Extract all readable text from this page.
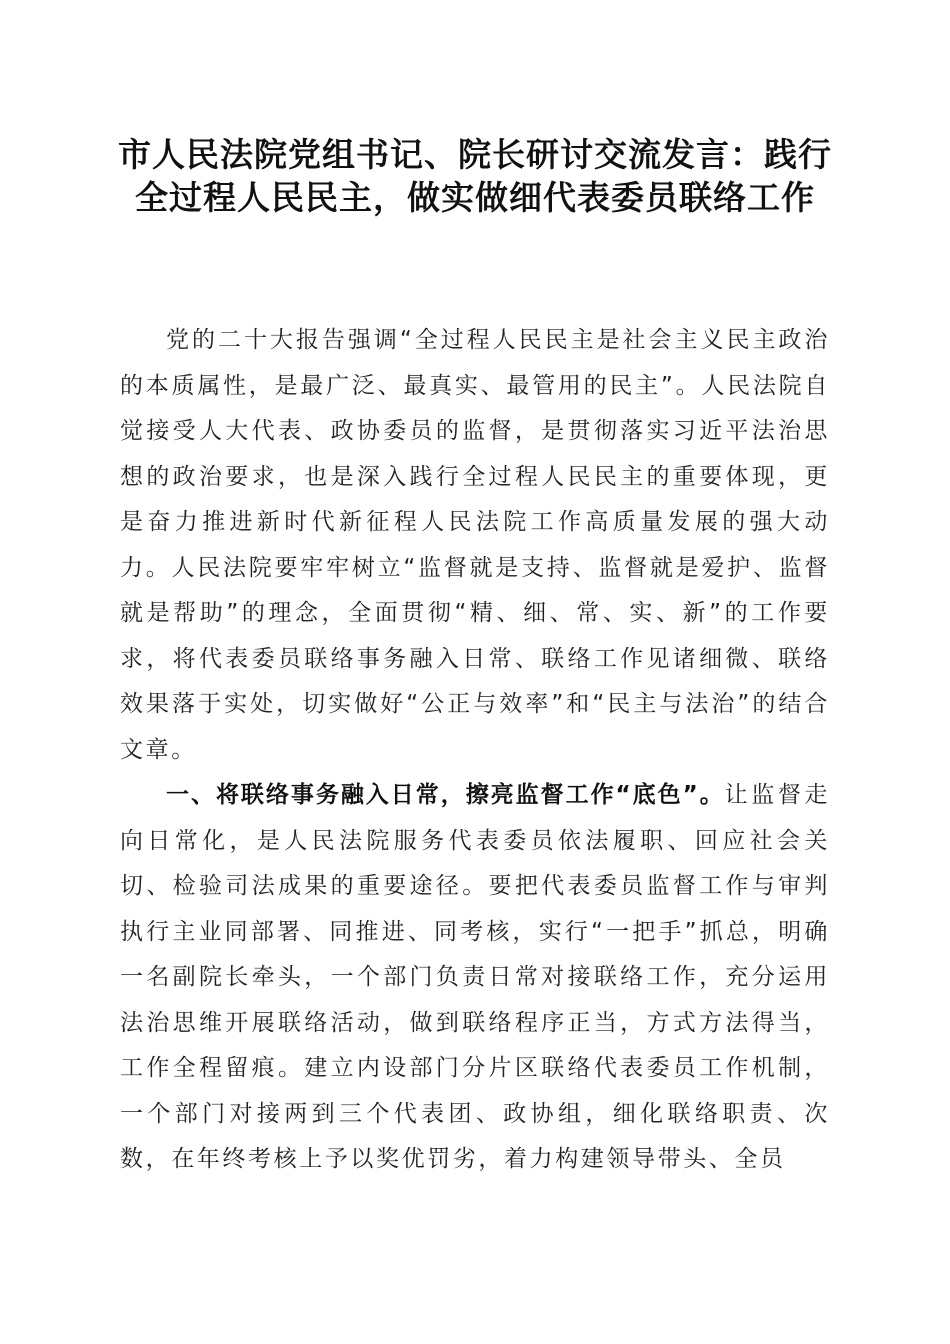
市人民法院党组书记、院长研讨交流发言：践行全过程人民民主，做实做细代表委员联络工作

党的二十大报告强调“全过程人民民主是社会主义民主政治的本质属性，是最广泛、最真实、最管用的民主”。人民法院自觉接受人大代表、政协委员的监督，是贯彻落实习近平法治思想的政治要求，也是深入践行全过程人民民主的重要体现，更是奋力推进新时代新征程人民法院工作高质量发展的强大动力。人民法院要牢牢树立“监督就是支持、监督就是爱护、监督就是帮助”的理念，全面贯彻“精、细、常、实、新”的工作要求，将代表委员联络事务融入日常、联络工作见诸细微、联络效果落于实处，切实做好“公正与效率”和“民主与法治”的结合文章。

一、将联络事务融入日常，擦亮监督工作“底色”。让监督走向日常化，是人民法院服务代表委员依法履职、回应社会关切、检验司法成果的重要途径。要把代表委员监督工作与审判执行主业同部署、同推进、同考核，实行“一把手”抓总，明确一名副院长牵头，一个部门负责日常对接联络工作，充分运用法治思维开展联络活动，做到联络程序正当，方式方法得当，工作全程留痕。建立内设部门分片区联络代表委员工作机制，一个部门对接两到三个代表团、政协组，细化联络职责、次数，在年终考核上予以奖优罚劣，着力构建领导带头、全员
